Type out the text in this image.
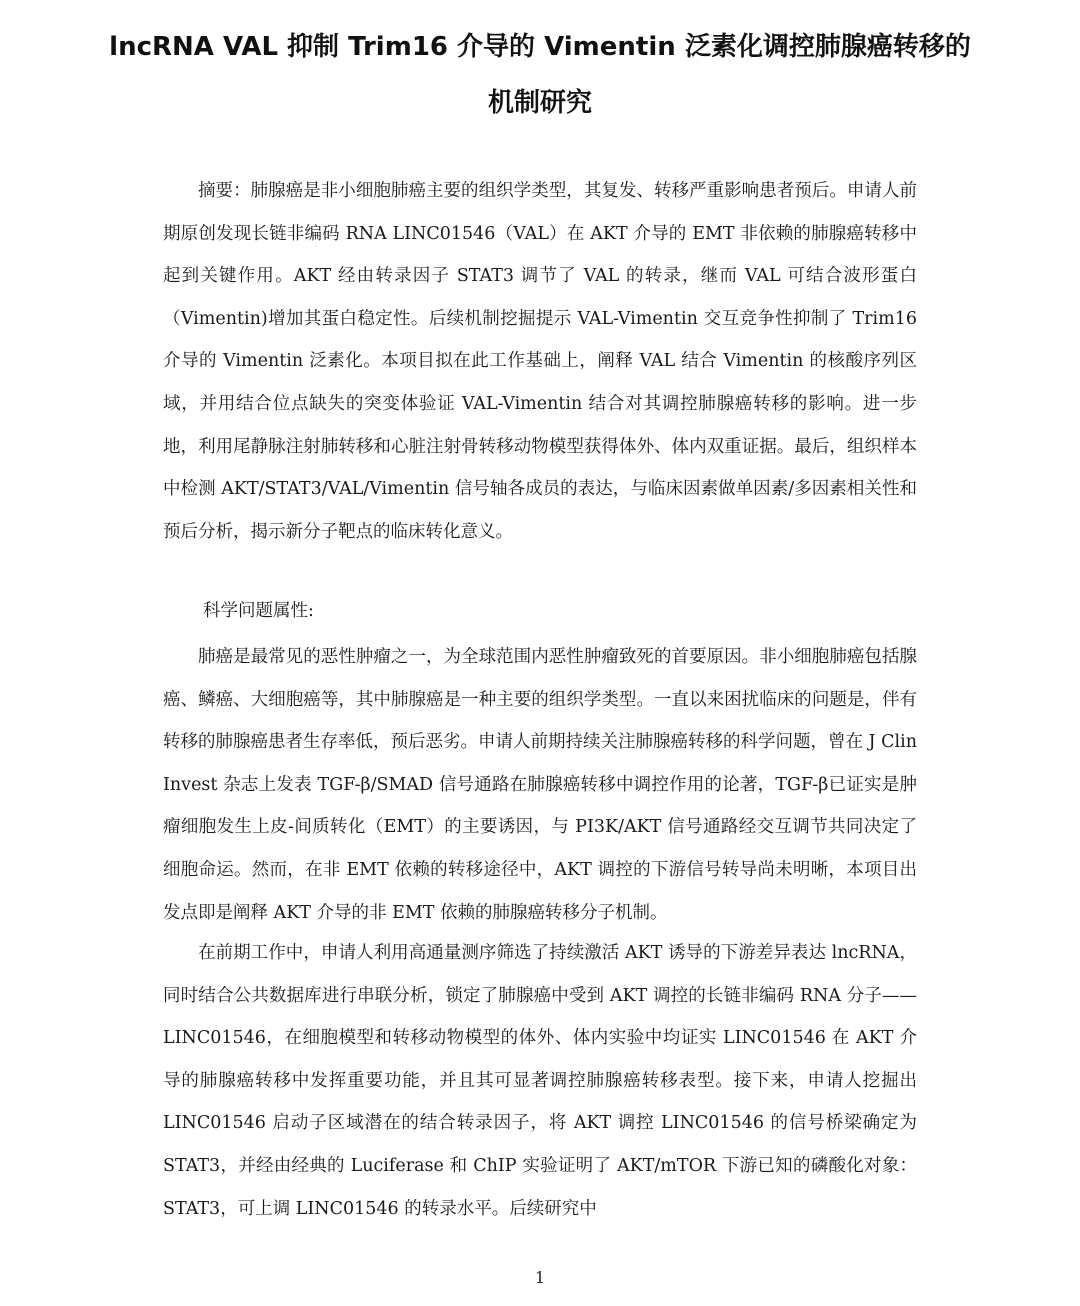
lncRNA VAL 抑制 Trim16 介导的 Vimentin 泛素化调控肺腺癌转移的
机制研究

摘要：肺腺癌是非小细胞肺癌主要的组织学类型，其复发、转移严重影响患者预后。申请人前期原创发现长链非编码 RNA LINC01546（VAL）在 AKT 介导的 EMT 非依赖的肺腺癌转移中起到关键作用。AKT 经由转录因子 STAT3 调节了 VAL 的转录，继而 VAL 可结合波形蛋白（Vimentin)增加其蛋白稳定性。后续机制挖掘提示 VAL-Vimentin 交互竞争性抑制了 Trim16 介导的 Vimentin 泛素化。本项目拟在此工作基础上，阐释 VAL 结合 Vimentin 的核酸序列区域，并用结合位点缺失的突变体验证 VAL-Vimentin 结合对其调控肺腺癌转移的影响。进一步地，利用尾静脉注射肺转移和心脏注射骨转移动物模型获得体外、体内双重证据。最后，组织样本中检测 AKT/STAT3/VAL/Vimentin 信号轴各成员的表达，与临床因素做单因素/多因素相关性和预后分析，揭示新分子靶点的临床转化意义。

科学问题属性:

肺癌是最常见的恶性肿瘤之一，为全球范围内恶性肿瘤致死的首要原因。非小细胞肺癌包括腺癌、鳞癌、大细胞癌等，其中肺腺癌是一种主要的组织学类型。一直以来困扰临床的问题是，伴有转移的肺腺癌患者生存率低，预后恶劣。申请人前期持续关注肺腺癌转移的科学问题，曾在 J Clin Invest 杂志上发表 TGF-β/SMAD 信号通路在肺腺癌转移中调控作用的论著，TGF-β已证实是肿瘤细胞发生上皮-间质转化（EMT）的主要诱因，与 PI3K/AKT 信号通路经交互调节共同决定了细胞命运。然而，在非 EMT 依赖的转移途径中，AKT 调控的下游信号转导尚未明晰，本项目出发点即是阐释 AKT 介导的非 EMT 依赖的肺腺癌转移分子机制。

在前期工作中，申请人利用高通量测序筛选了持续激活 AKT 诱导的下游差异表达 lncRNA，同时结合公共数据库进行串联分析，锁定了肺腺癌中受到 AKT 调控的长链非编码 RNA 分子——LINC01546，在细胞模型和转移动物模型的体外、体内实验中均证实 LINC01546 在 AKT 介导的肺腺癌转移中发挥重要功能，并且其可显著调控肺腺癌转移表型。接下来，申请人挖掘出 LINC01546 启动子区域潜在的结合转录因子，将 AKT 调控 LINC01546 的信号桥梁确定为 STAT3，并经由经典的 Luciferase 和 ChIP 实验证明了 AKT/mTOR 下游已知的磷酸化对象：STAT3，可上调 LINC01546 的转录水平。后续研究中

1
